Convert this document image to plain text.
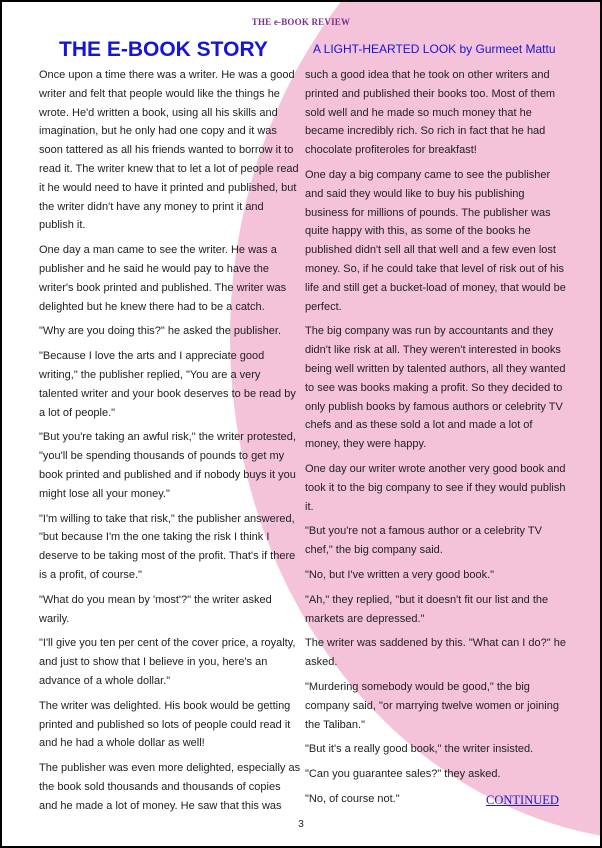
THE e-BOOK REVIEW
THE E-BOOK STORY	A LIGHT-HEARTED LOOK by Gurmeet Mattu

Once upon a time there was a writer. He was a good writer and felt that people would like the things he wrote. He'd written a book, using all his skills and imagination, but he only had one copy and it was soon tattered as all his friends wanted to borrow it to read it. The writer knew that to let a lot of people read it he would need to have it printed and published, but the writer didn't have any money to print it and publish it.

One day a man came to see the writer. He was a publisher and he said he would pay to have the writer's book printed and published. The writer was delighted but he knew there had to be a catch.

"Why are you doing this?" he asked the publisher.

"Because I love the arts and I appreciate good writing," the publisher replied, "You are a very talented writer and your book deserves to be read by a lot of people."

"But you're taking an awful risk," the writer protested, "you'll be spending thousands of pounds to get my book printed and published and if nobody buys it you might lose all your money."

"I'm willing to take that risk," the publisher answered, "but because I'm the one taking the risk I think I deserve to be taking most of the profit. That's if there is a profit, of course."

"What do you mean by 'most'?" the writer asked warily.

"I'll give you ten per cent of the cover price, a royalty, and just to show that I believe in you, here's an advance of a whole dollar."

The writer was delighted. His book would be getting printed and published so lots of people could read it and he had a whole dollar as well!

The publisher was even more delighted, especially as the book sold thousands and thousands of copies and he made a lot of money. He saw that this was

such a good idea that he took on other writers and printed and published their books too. Most of them sold well and he made so much money that he became incredibly rich. So rich in fact that he had chocolate profiteroles for breakfast!

One day a big company came to see the publisher and said they would like to buy his publishing business for millions of pounds. The publisher was quite happy with this, as some of the books he published didn't sell all that well and a few even lost money. So, if he could take that level of risk out of his life and still get a bucket-load of money, that would be perfect.

The big company was run by accountants and they didn't like risk at all. They weren't interested in books being well written by talented authors, all they wanted to see was books making a profit. So they decided to only publish books by famous authors or celebrity TV chefs and as these sold a lot and made a lot of money, they were happy.

One day our writer wrote another very good book and took it to the big company to see if they would publish it.

"But you're not a famous author or a celebrity TV chef," the big company said.

"No, but I've written a very good book."

"Ah," they replied, "but it doesn't fit our list and the markets are depressed."

The writer was saddened by this. "What can I do?" he asked.

"Murdering somebody would be good," the big company said, "or marrying twelve women or joining the Taliban."

"But it's a really good book," the writer insisted.

"Can you guarantee sales?" they asked.

"No, of course not."	CONTINUED
3
